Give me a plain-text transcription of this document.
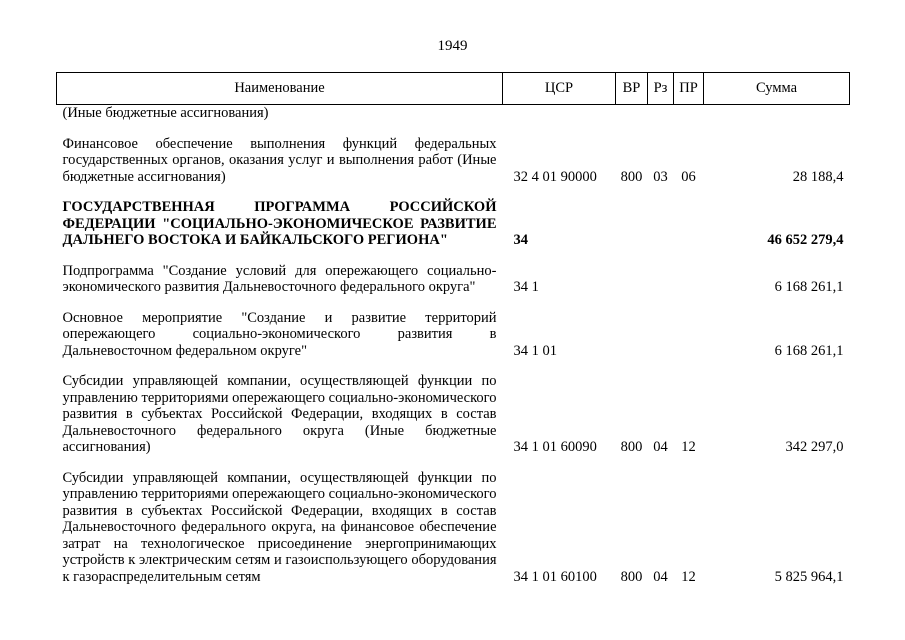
1949
Наименование	ЦСР	ВР	Рз	ПР	Сумма
(Иные бюджетные ассигнования)					

Финансовое обеспечение выполнения функций федеральных государственных органов, оказания услуг и выполнения работ (Иные бюджетные ассигнования)	32 4 01 90000	800	03	06	28 188,4

ГОСУДАРСТВЕННАЯ ПРОГРАММА РОССИЙСКОЙ ФЕДЕРАЦИИ "СОЦИАЛЬНО-ЭКОНОМИЧЕСКОЕ РАЗВИТИЕ ДАЛЬНЕГО ВОСТОКА И БАЙКАЛЬСКОГО РЕГИОНА"	34				46 652 279,4

Подпрограмма "Создание условий для опережающего социально-экономического развития Дальневосточного федерального округа"	34 1				6 168 261,1

Основное мероприятие "Создание и развитие территорий опережающего социально-экономического развития в Дальневосточном федеральном округе"	34 1 01				6 168 261,1

Субсидии управляющей компании, осуществляющей функции по управлению территориями опережающего социально-экономического развития в субъектах Российской Федерации, входящих в состав Дальневосточного федерального округа (Иные бюджетные ассигнования)	34 1 01 60090	800	04	12	342 297,0

Субсидии управляющей компании, осуществляющей функции по управлению территориями опережающего социально-экономического развития в субъектах Российской Федерации, входящих в состав Дальневосточного федерального округа, на финансовое обеспечение затрат на технологическое присоединение энергопринимающих устройств к электрическим сетям и газоиспользующего оборудования к газораспределительным сетям	34 1 01 60100	800	04	12	5 825 964,1
